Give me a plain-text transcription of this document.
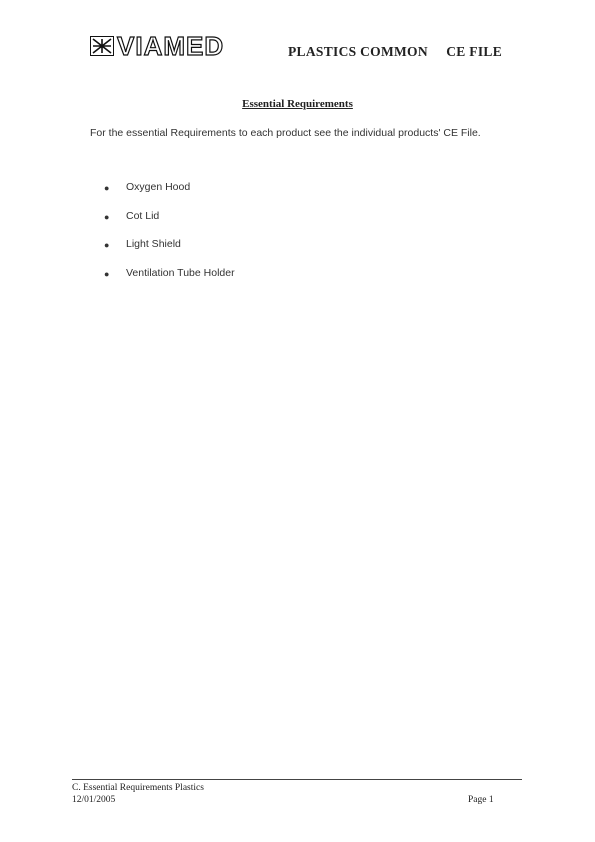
VIAMED	PLASTICS COMMON     CE FILE
Essential Requirements
For the essential Requirements to each product see the individual products' CE File.
●	Oxygen Hood
●	Cot Lid
●	Light Shield
●	Ventilation Tube Holder
C. Essential Requirements Plastics
12/01/2005	Page 1
